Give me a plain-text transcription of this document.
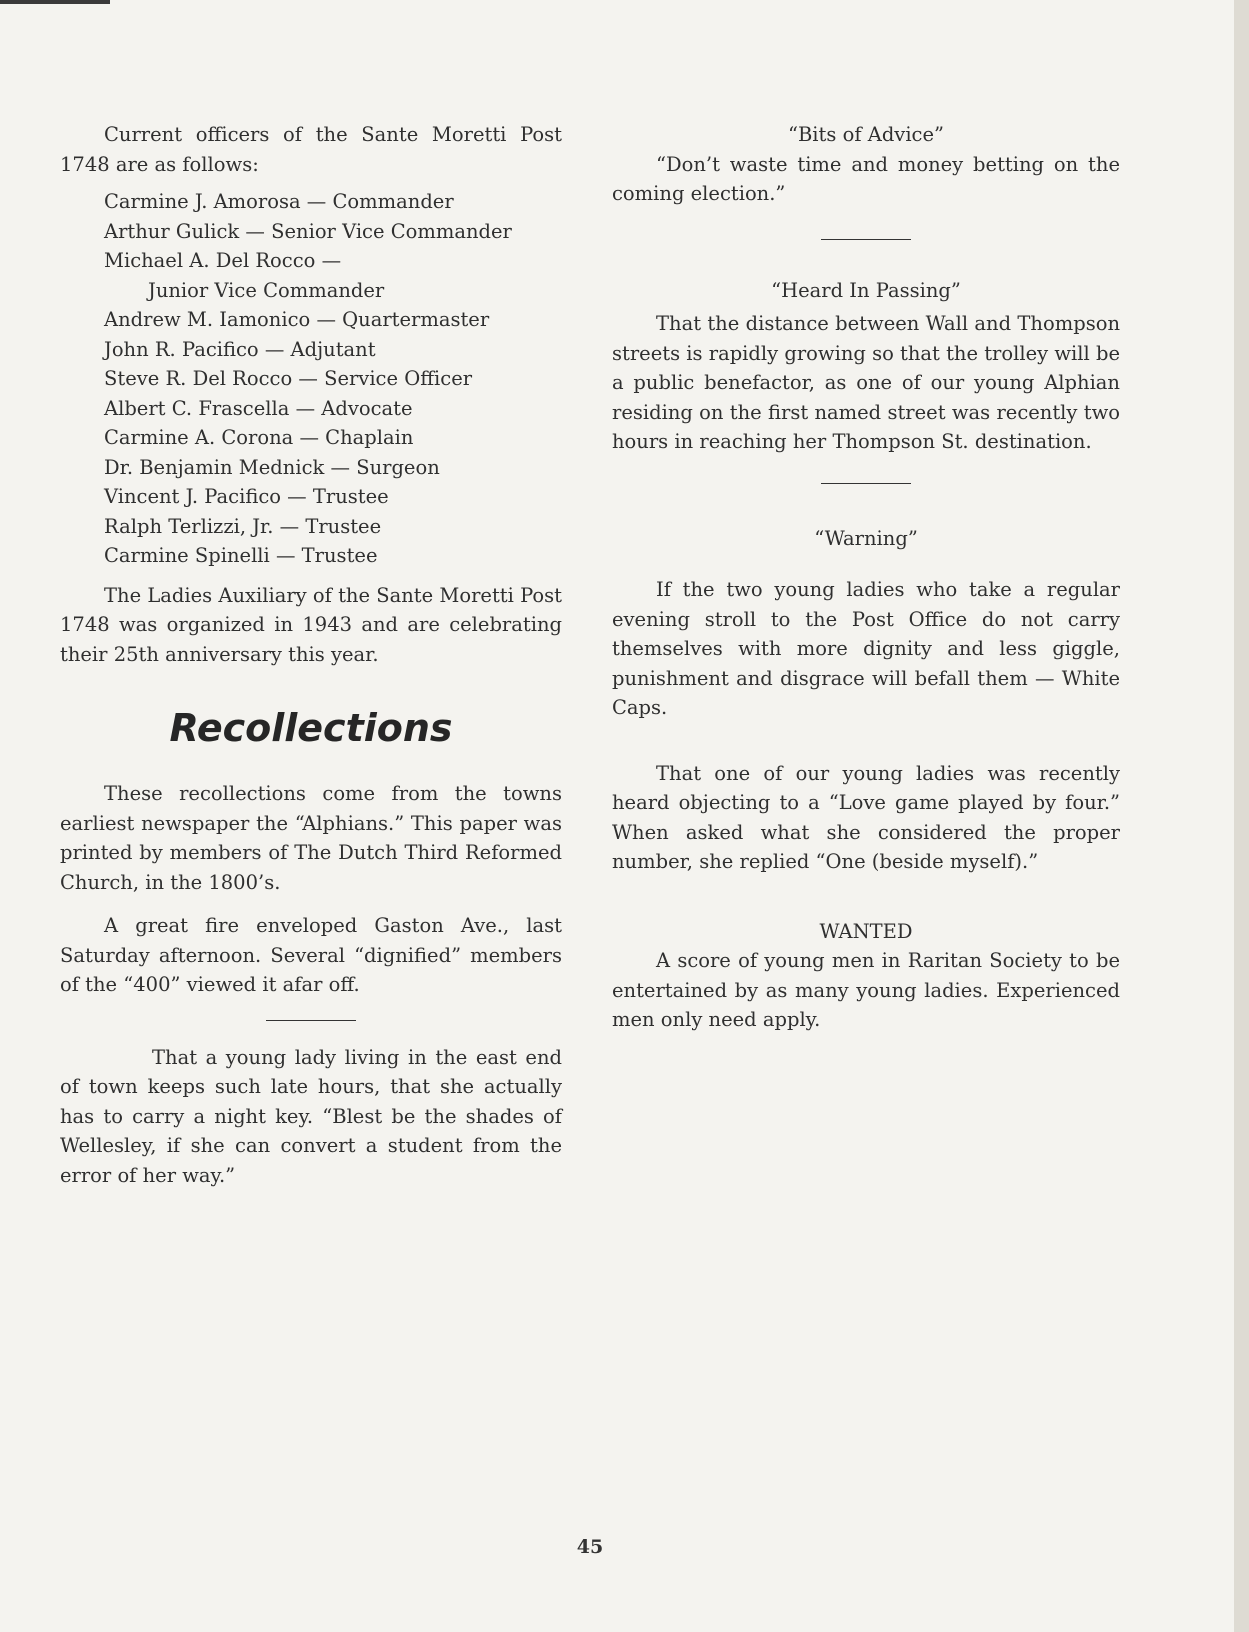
Current officers of the Sante Moretti Post 1748 are as follows:

Carmine J. Amorosa — Commander
Arthur Gulick — Senior Vice Commander
Michael A. Del Rocco —
Junior Vice Commander
Andrew M. Iamonico — Quartermaster
John R. Pacifico — Adjutant
Steve R. Del Rocco — Service Officer
Albert C. Frascella — Advocate
Carmine A. Corona — Chaplain
Dr. Benjamin Mednick — Surgeon
Vincent J. Pacifico — Trustee
Ralph Terlizzi, Jr. — Trustee
Carmine Spinelli — Trustee

The Ladies Auxiliary of the Sante Moretti Post 1748 was organized in 1943 and are celebrating their 25th anniversary this year.

Recollections

These recollections come from the towns earliest newspaper the “Alphians.” This paper was printed by members of The Dutch Third Reformed Church, in the 1800’s.

A great fire enveloped Gaston Ave., last Saturday afternoon. Several “dignified” members of the “400” viewed it afar off.

That a young lady living in the east end of town keeps such late hours, that she actually has to carry a night key. “Blest be the shades of Wellesley, if she can convert a student from the error of her way.”

“Bits of Advice”

“Don’t waste time and money betting on the coming election.”

“Heard In Passing”

That the distance between Wall and Thompson streets is rapidly growing so that the trolley will be a public benefactor, as one of our young Alphian residing on the first named street was recently two hours in reaching her Thompson St. destination.

“Warning”

If the two young ladies who take a regular evening stroll to the Post Office do not carry themselves with more dignity and less giggle, punishment and disgrace will befall them — White Caps.

That one of our young ladies was recently heard objecting to a “Love game played by four.” When asked what she considered the proper number, she replied “One (beside myself).”

WANTED

A score of young men in Raritan Society to be entertained by as many young ladies. Experienced men only need apply.

45
